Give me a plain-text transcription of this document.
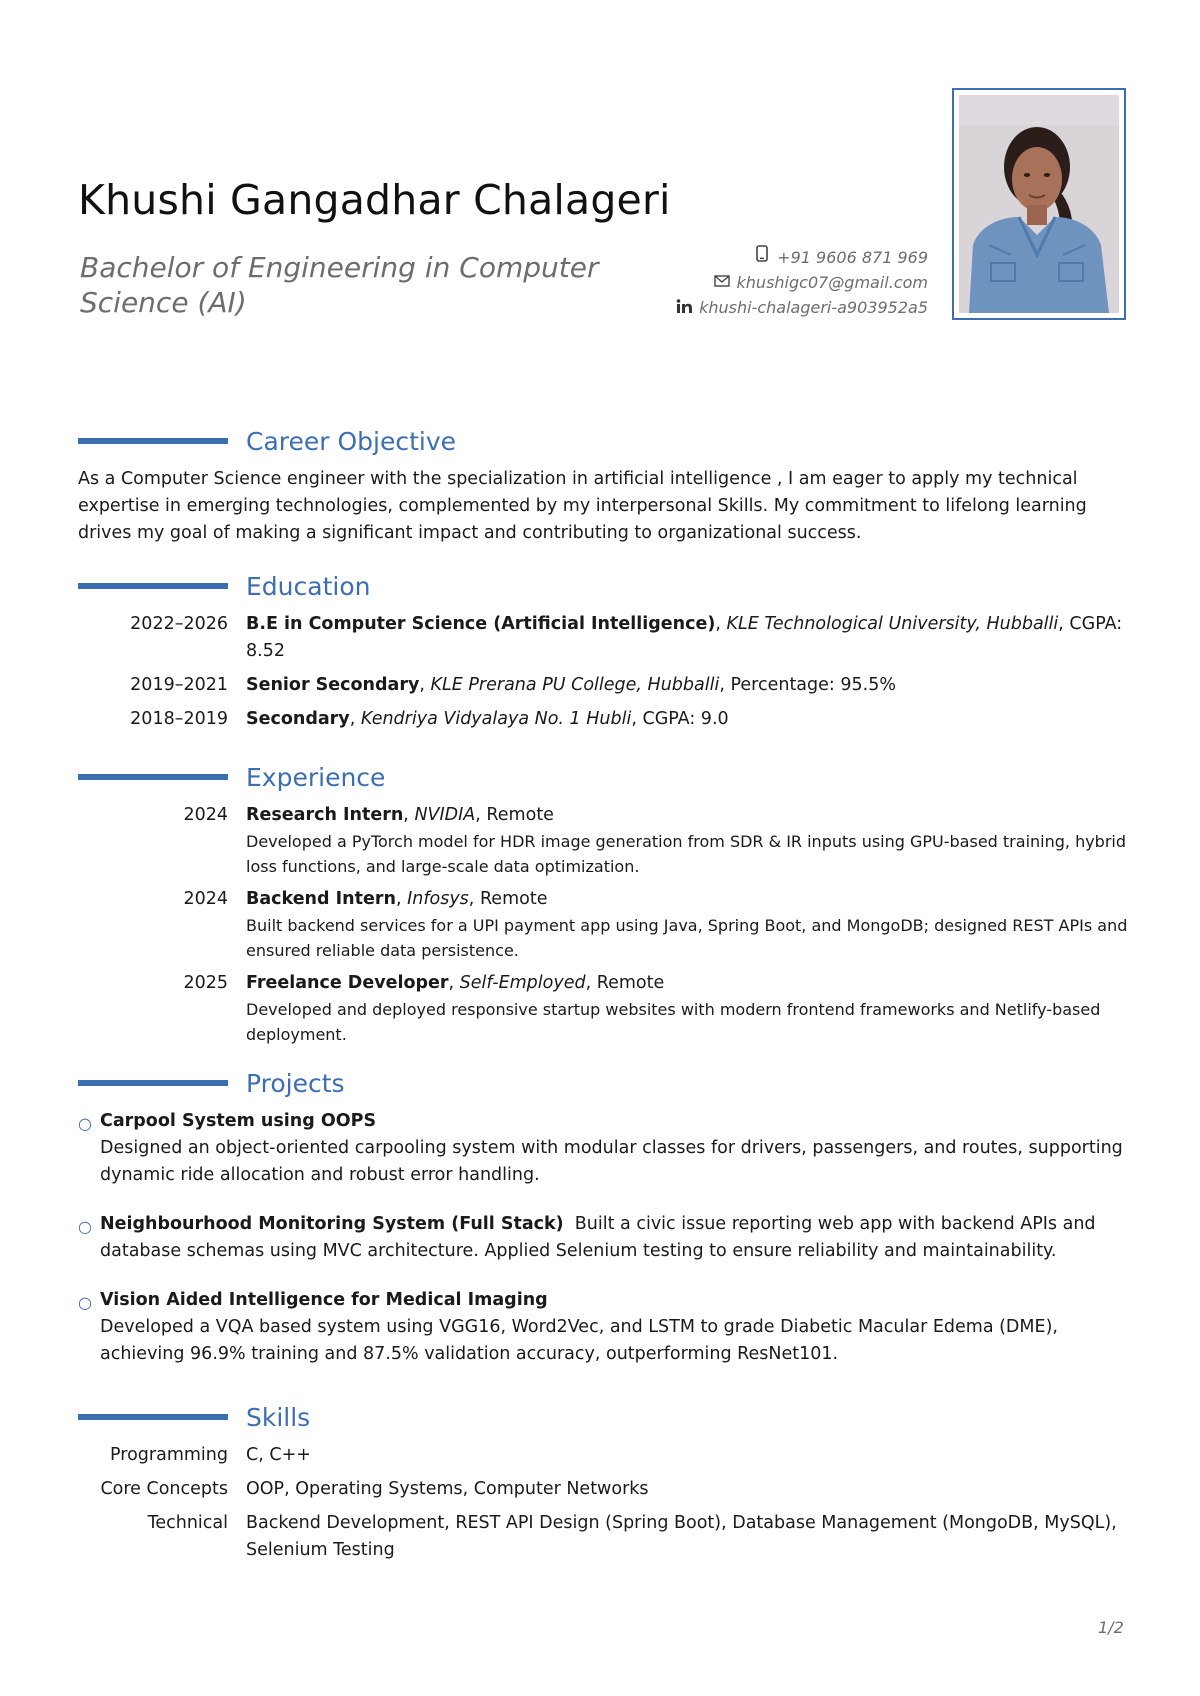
Khushi Gangadhar Chalageri
Bachelor of Engineering in Computer Science (AI)
+91 9606 871 969
khushigc07@gmail.com
khushi-chalageri-a903952a5
Career Objective
As a Computer Science engineer with the specialization in artificial intelligence , I am eager to apply my technical expertise in emerging technologies, complemented by my interpersonal Skills. My commitment to lifelong learning drives my goal of making a significant impact and contributing to organizational success.
Education
2022–2026 B.E in Computer Science (Artificial Intelligence), KLE Technological University, Hubballi, CGPA: 8.52
2019–2021 Senior Secondary, KLE Prerana PU College, Hubballi, Percentage: 95.5%
2018–2019 Secondary, Kendriya Vidyalaya No. 1 Hubli, CGPA: 9.0
Experience
2024 Research Intern, NVIDIA, Remote
Developed a PyTorch model for HDR image generation from SDR & IR inputs using GPU-based training, hybrid loss functions, and large-scale data optimization.
2024 Backend Intern, Infosys, Remote
Built backend services for a UPI payment app using Java, Spring Boot, and MongoDB; designed REST APIs and ensured reliable data persistence.
2025 Freelance Developer, Self-Employed, Remote
Developed and deployed responsive startup websites with modern frontend frameworks and Netlify-based deployment.
Projects
○ Carpool System using OOPS
Designed an object-oriented carpooling system with modular classes for drivers, passengers, and routes, supporting dynamic ride allocation and robust error handling.
○ Neighbourhood Monitoring System (Full Stack) Built a civic issue reporting web app with backend APIs and database schemas using MVC architecture. Applied Selenium testing to ensure reliability and maintainability.
○ Vision Aided Intelligence for Medical Imaging
Developed a VQA based system using VGG16, Word2Vec, and LSTM to grade Diabetic Macular Edema (DME), achieving 96.9% training and 87.5% validation accuracy, outperforming ResNet101.
Skills
Programming C, C++
Core Concepts OOP, Operating Systems, Computer Networks
Technical Backend Development, REST API Design (Spring Boot), Database Management (MongoDB, MySQL), Selenium Testing
1/2
